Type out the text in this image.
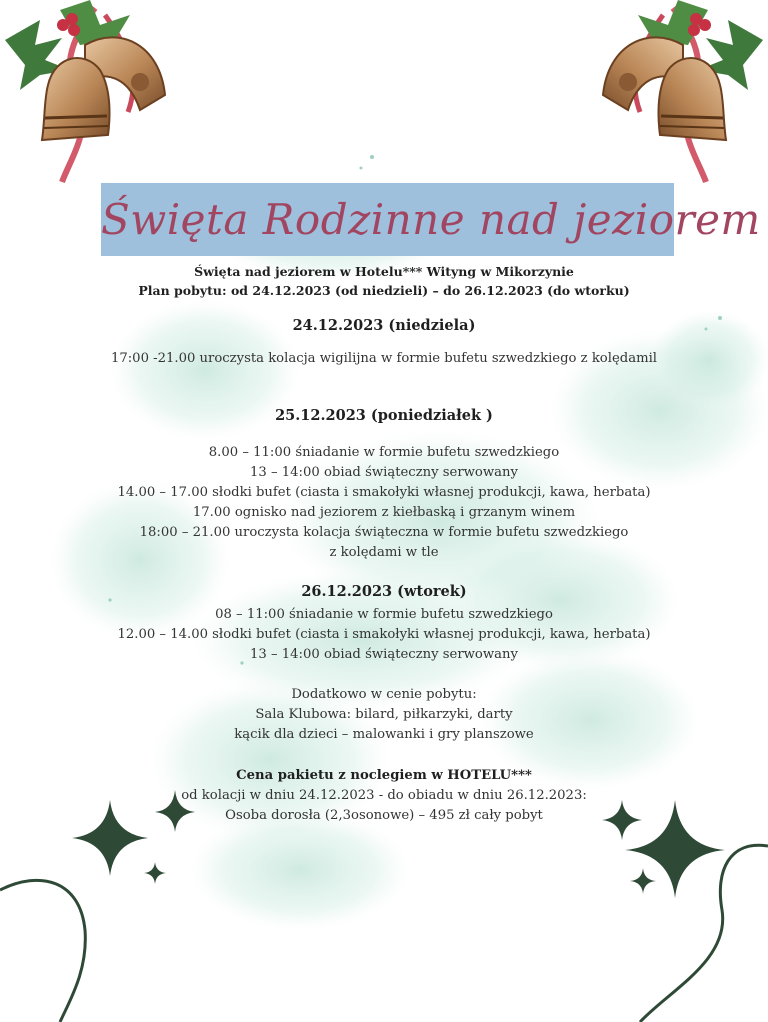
Święta Rodzinne nad jeziorem
Święta nad jeziorem w Hotelu*** Wityng w Mikorzynie
Plan pobytu: od 24.12.2023 (od niedzieli) – do 26.12.2023 (do wtorku)
24.12.2023 (niedziela)
17:00 -21.00 uroczysta kolacja wigilijna w formie bufetu szwedzkiego z kolędamil
25.12.2023 (poniedziałek )
8.00 – 11:00 śniadanie w formie bufetu szwedzkiego
13 – 14:00 obiad świąteczny serwowany
14.00 – 17.00 słodki bufet (ciasta i smakołyki własnej produkcji, kawa, herbata)
17.00 ognisko nad jeziorem z kiełbaską i grzanym winem
18:00 – 21.00 uroczysta kolacja świąteczna w formie bufetu szwedzkiego
z kolędami w tle
26.12.2023 (wtorek)
08 – 11:00 śniadanie w formie bufetu szwedzkiego
12.00 – 14.00 słodki bufet (ciasta i smakołyki własnej produkcji, kawa, herbata)
13 – 14:00 obiad świąteczny serwowany
Dodatkowo w cenie pobytu:
Sala Klubowa: bilard, piłkarzyki, darty
kącik dla dzieci – malowanki i gry planszowe
Cena pakietu z noclegiem w HOTELU***
od kolacji w dniu 24.12.2023 - do obiadu w dniu 26.12.2023:
Osoba dorosła (2,3osonowe) – 495 zł cały pobyt
